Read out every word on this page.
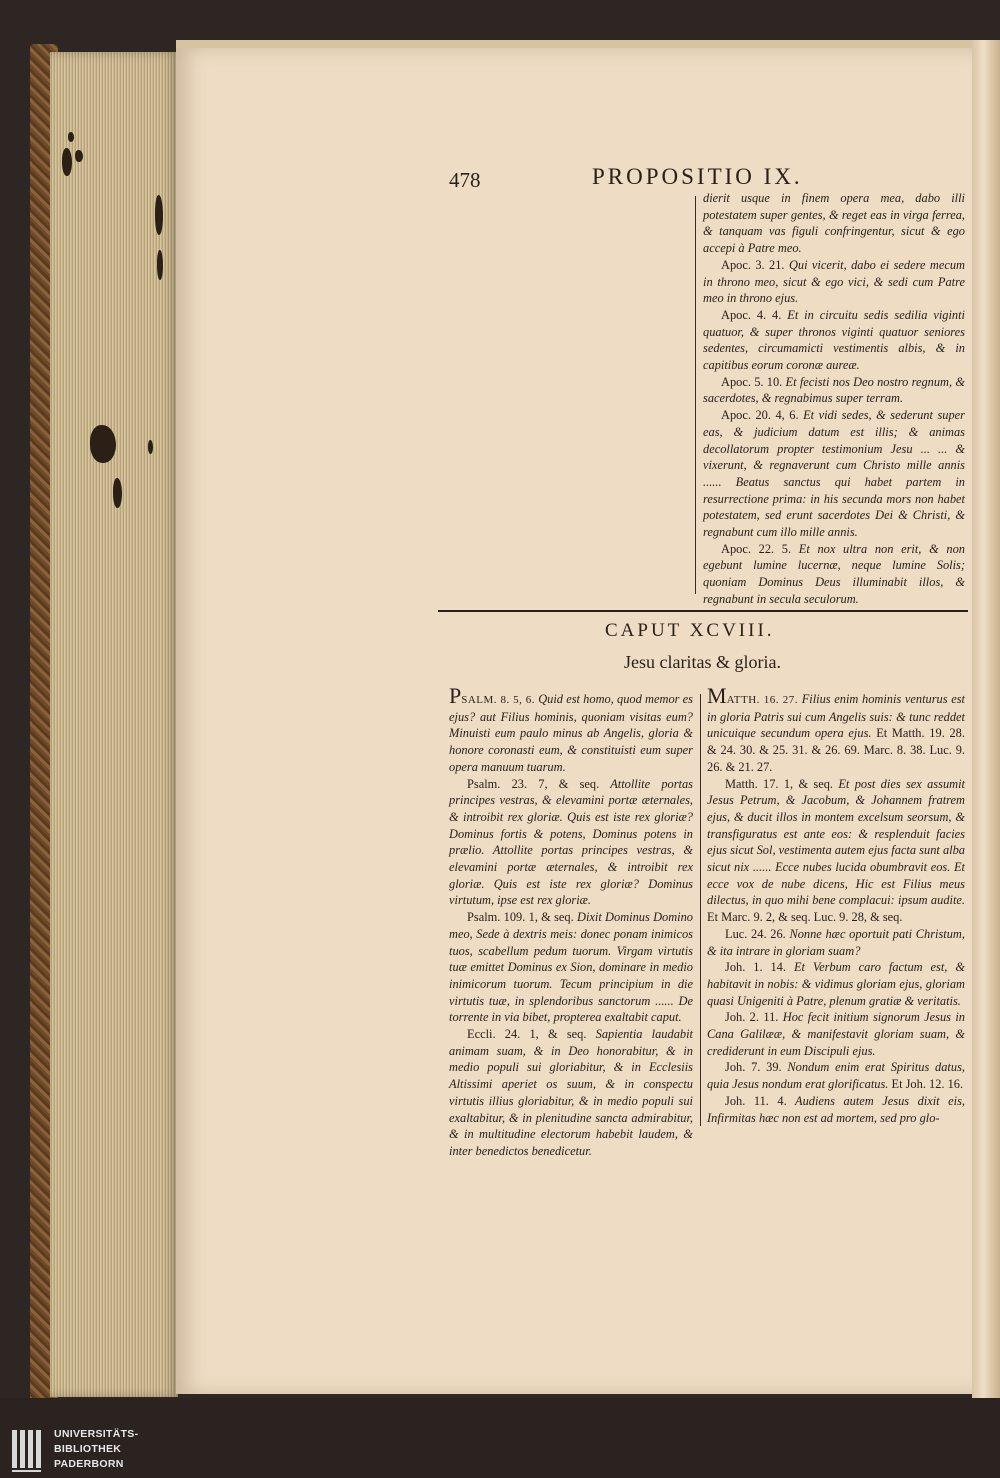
478	PROPOSITIO IX.

dierit usque in finem opera mea, dabo illi potestatem super gentes, & reget eas in virga ferrea, & tanquam vas figuli confringentur, sicut & ego accepi à Patre meo.

Apoc. 3. 21. Qui vicerit, dabo ei sedere mecum in throno meo, sicut & ego vici, & sedi cum Patre meo in throno ejus.

Apoc. 4. 4. Et in circuitu sedis sedilia viginti quatuor, & super thronos viginti quatuor seniores sedentes, circumamicti vestimentis albis, & in capitibus eorum coronæ aureæ.

Apoc. 5. 10. Et fecisti nos Deo nostro regnum, & sacerdotes, & regnabimus super terram.

Apoc. 20. 4, 6. Et vidi sedes, & sederunt super eas, & judicium datum est illis; & animas decollatorum propter testimonium Jesu ... ... & vixerunt, & regnaverunt cum Christo mille annis ...... Beatus sanctus qui habet partem in resurrectione prima: in his secunda mors non habet potestatem, sed erunt sacerdotes Dei & Christi, & regnabunt cum illo mille annis.

Apoc. 22. 5. Et nox ultra non erit, & non egebunt lumine lucernæ, neque lumine Solis; quoniam Dominus Deus illuminabit illos, & regnabunt in secula seculorum.

CAPUT XCVIII.
Jesu claritas & gloria.

PSALM. 8. 5, 6. Quid est homo, quod memor es ejus? aut Filius hominis, quoniam visitas eum? Minuisti eum paulo minus ab Angelis, gloria & honore coronasti eum, & constituisti eum super opera manuum tuarum.

Psalm. 23. 7, & seq. Attollite portas principes vestras, & elevamini portæ æternales, & introibit rex gloriæ. Quis est iste rex gloriæ? Dominus fortis & potens, Dominus potens in prælio. Attollite portas principes vestras, & elevamini portæ æternales, & introibit rex gloriæ. Quis est iste rex gloriæ? Dominus virtutum, ipse est rex gloriæ.

Psalm. 109. 1, & seq. Dixit Dominus Domino meo, Sede à dextris meis: donec ponam inimicos tuos, scabellum pedum tuorum. Virgam virtutis tuæ emittet Dominus ex Sion, dominare in medio inimicorum tuorum. Tecum principium in die virtutis tuæ, in splendoribus sanctorum ...... De torrente in via bibet, propterea exaltabit caput.

Eccli. 24. 1, & seq. Sapientia laudabit animam suam, & in Deo honorabitur, & in medio populi sui gloriabitur, & in Ecclesiis Altissimi aperiet os suum, & in conspectu virtutis illius gloriabitur, & in medio populi sui exaltabitur, & in plenitudine sancta admirabitur, & in multitudine electorum habebit laudem, & inter benedictos benedicetur.

MATTH. 16. 27. Filius enim hominis venturus est in gloria Patris sui cum Angelis suis: & tunc reddet unicuique secundum opera ejus. Et Matth. 19. 28. & 24. 30. & 25. 31. & 26. 69. Marc. 8. 38. Luc. 9. 26. & 21. 27.

Matth. 17. 1, & seq. Et post dies sex assumit Jesus Petrum, & Jacobum, & Johannem fratrem ejus, & ducit illos in montem excelsum seorsum, & transfiguratus est ante eos: & resplenduit facies ejus sicut Sol, vestimenta autem ejus facta sunt alba sicut nix ...... Ecce nubes lucida obumbravit eos. Et ecce vox de nube dicens, Hic est Filius meus dilectus, in quo mihi bene complacui: ipsum audite. Et Marc. 9. 2, & seq. Luc. 9. 28, & seq.

Luc. 24. 26. Nonne hæc oportuit pati Christum, & ita intrare in gloriam suam?

Joh. 1. 14. Et Verbum caro factum est, & habitavit in nobis: & vidimus gloriam ejus, gloriam quasi Unigeniti à Patre, plenum gratiæ & veritatis.

Joh. 2. 11. Hoc fecit initium signorum Jesus in Cana Galilææ, & manifestavit gloriam suam, & crediderunt in eum Discipuli ejus.

Joh. 7. 39. Nondum enim erat Spiritus datus, quia Jesus nondum erat glorificatus. Et Joh. 12. 16.

Joh. 11. 4. Audiens autem Jesus dixit eis, Infirmitas hæc non est ad mortem, sed pro glo-

UNIVERSITÄTS-
BIBLIOTHEK
PADERBORN
